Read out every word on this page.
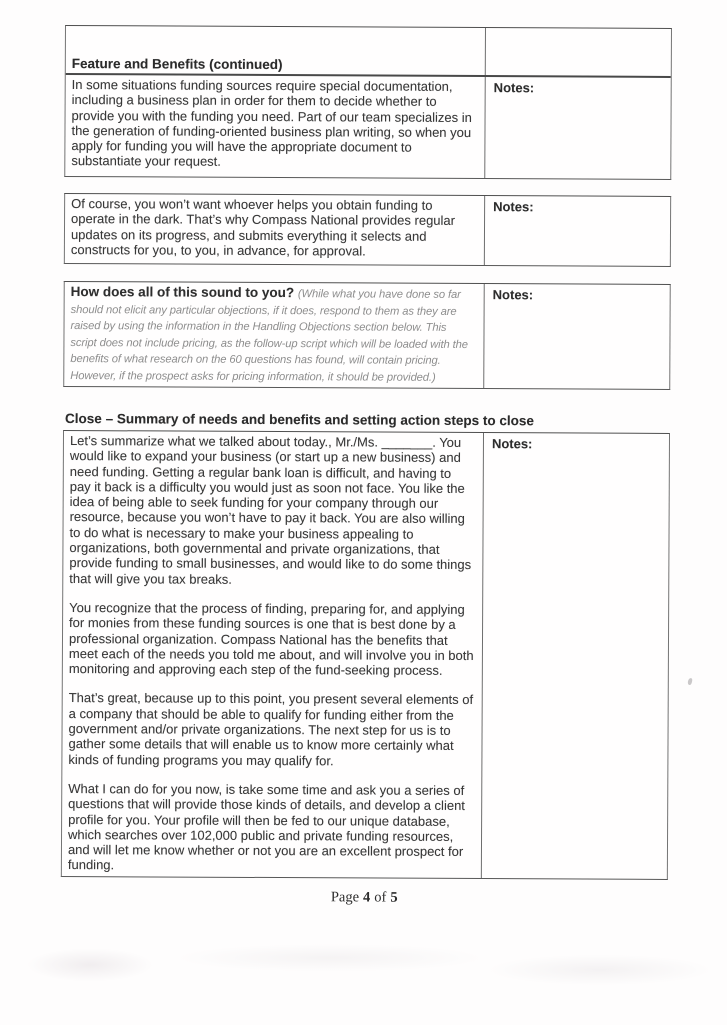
Feature and Benefits (continued)

In some situations funding sources require special documentation, including a business plan in order for them to decide whether to provide you with the funding you need. Part of our team specializes in the generation of funding-oriented business plan writing, so when you apply for funding you will have the appropriate document to substantiate your request.

Notes:

Of course, you won’t want whoever helps you obtain funding to operate in the dark. That’s why Compass National provides regular updates on its progress, and submits everything it selects and constructs for you, to you, in advance, for approval.

Notes:

How does all of this sound to you? (While what you have done so far should not elicit any particular objections, if it does, respond to them as they are raised by using the information in the Handling Objections section below. This script does not include pricing, as the follow-up script which will be loaded with the benefits of what research on the 60 questions has found, will contain pricing. However, if the prospect asks for pricing information, it should be provided.)

Notes:
Close – Summary of needs and benefits and setting action steps to close

Let’s summarize what we talked about today., Mr./Ms. _______. You would like to expand your business (or start up a new business) and need funding. Getting a regular bank loan is difficult, and having to pay it back is a difficulty you would just as soon not face. You like the idea of being able to seek funding for your company through our resource, because you won’t have to pay it back. You are also willing to do what is necessary to make your business appealing to organizations, both governmental and private organizations, that provide funding to small businesses, and would like to do some things that will give you tax breaks.

You recognize that the process of finding, preparing for, and applying for monies from these funding sources is one that is best done by a professional organization. Compass National has the benefits that meet each of the needs you told me about, and will involve you in both monitoring and approving each step of the fund-seeking process.

That’s great, because up to this point, you present several elements of a company that should be able to qualify for funding either from the government and/or private organizations. The next step for us is to gather some details that will enable us to know more certainly what kinds of funding programs you may qualify for.

What I can do for you now, is take some time and ask you a series of questions that will provide those kinds of details, and develop a client profile for you. Your profile will then be fed to our unique database, which searches over 102,000 public and private funding resources, and will let me know whether or not you are an excellent prospect for funding.

Notes:
Page 4 of 5
